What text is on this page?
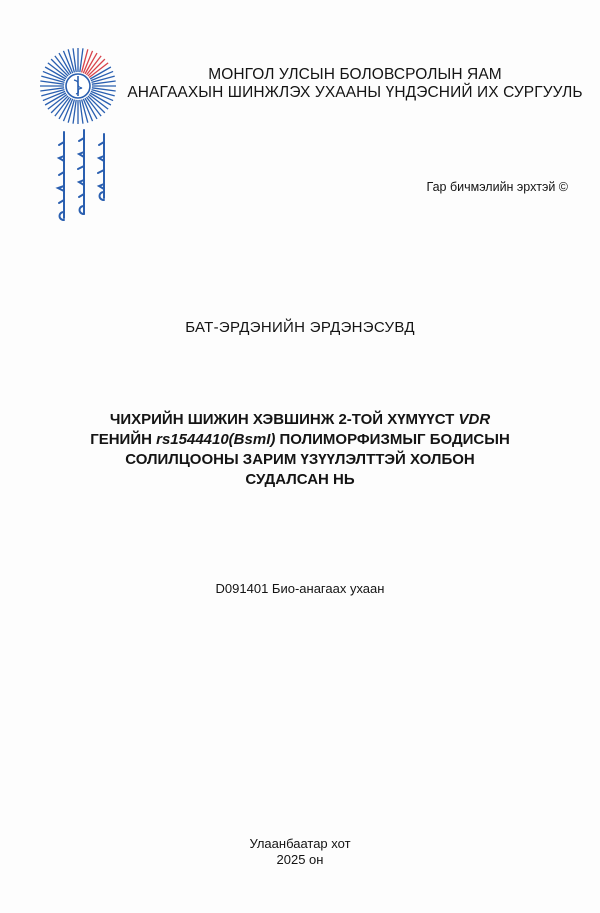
МОНГОЛ УЛСЫН БОЛОВСРОЛЫН ЯАМ
АНАГААХЫН ШИНЖЛЭХ УХААНЫ ҮНДЭСНИЙ ИХ СУРГУУЛЬ
Гар бичмэлийн эрхтэй ©
БАТ-ЭРДЭНИЙН ЭРДЭНЭСУВД
ЧИХРИЙН ШИЖИН ХЭВШИНЖ 2-ТОЙ ХҮМҮҮСТ VDR
ГЕНИЙН rs1544410(BsmI) ПОЛИМОРФИЗМЫГ БОДИСЫН
СОЛИЛЦООНЫ ЗАРИМ ҮЗҮҮЛЭЛТТЭЙ ХОЛБОН
СУДАЛСАН НЬ
D091401 Био-анагаах ухаан
Улаанбаатар хот
2025 он
